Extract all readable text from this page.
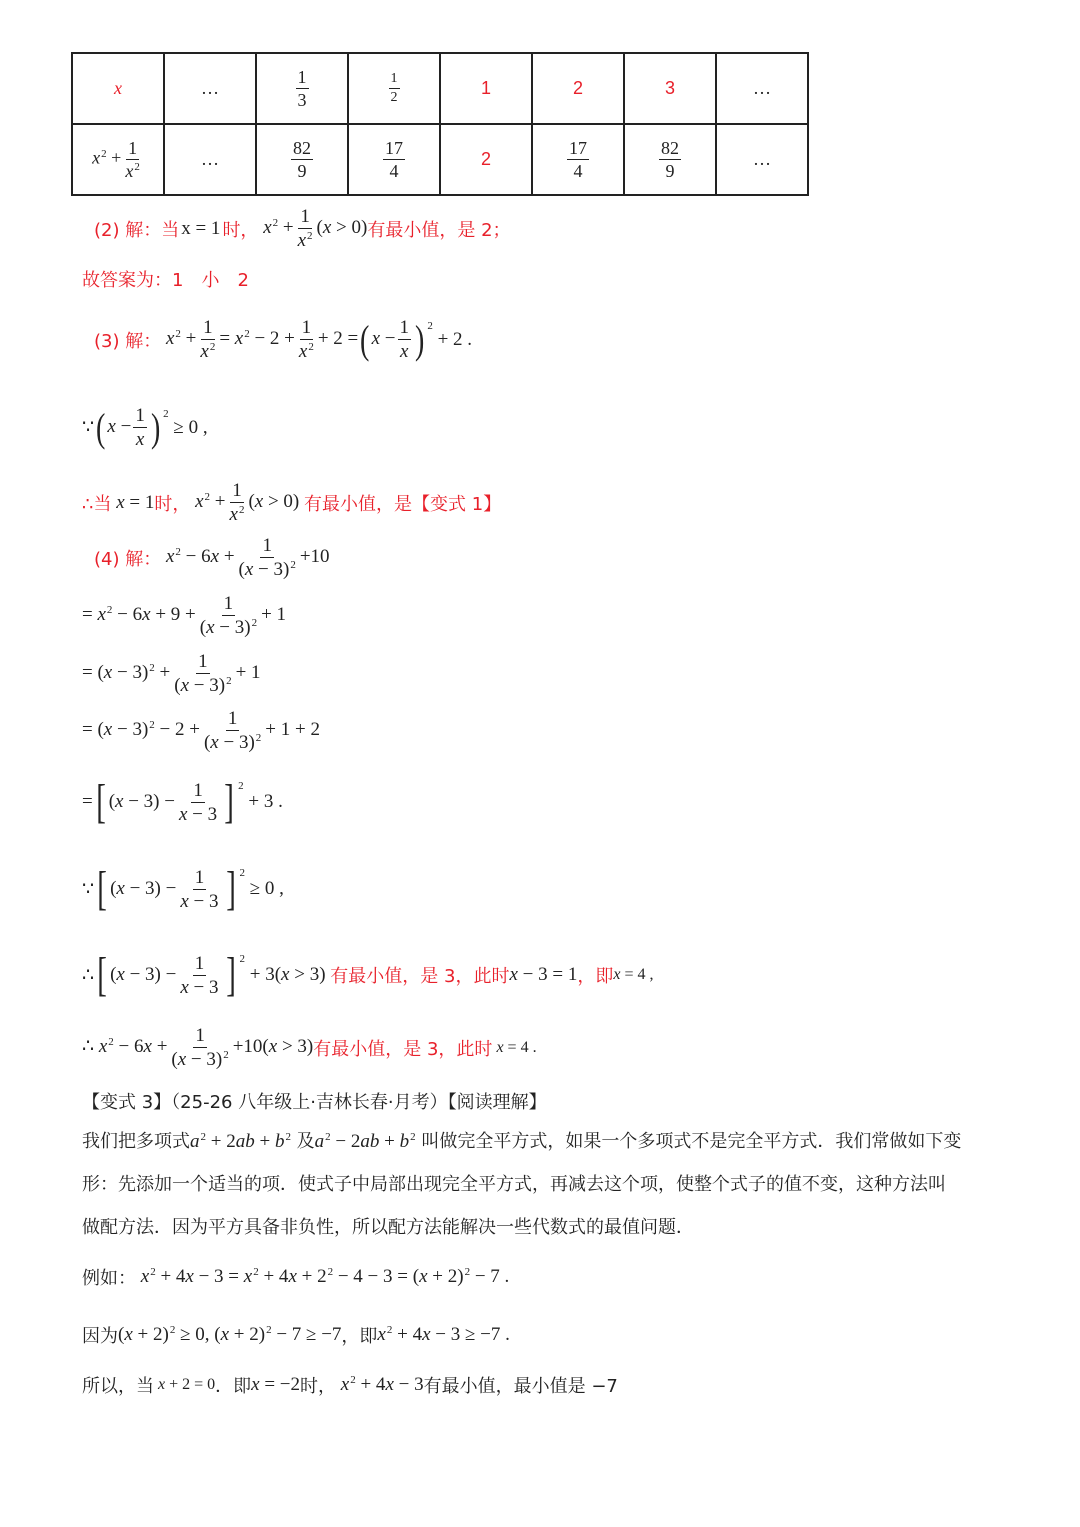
x	…	$\frac{1}{3}$	$\frac{1}{2}$	1	2	3	…
$x^2 + \frac{1}{x^2}$	…	$\frac{82}{9}$	$\frac{17}{4}$	2	$\frac{17}{4}$	$\frac{82}{9}$	…
(2) 解：当 x = 1 时， $x^2 + \frac{1}{x^2} (x > 0)$ 有最小值，是 2；
故答案为：1　小　2
(3) 解： $x^2 + \frac{1}{x^2} = x^2 - 2 + \frac{1}{x^2} + 2$ = ( $x - \frac{1}{x}$ ) $^2$ + 2 .
∵ ( $x - \frac{1}{x}$ ) $^2$ ≥ 0 ,
∴当 x = 1 时， $x^2 + \frac{1}{x^2} (x > 0)$ 有最小值，是【变式 1】
(4) 解： $x^2 - 6x + \frac{1}{(x - 3)^2} +10$
= $x^2 - 6x + 9 + \frac{1}{(x - 3)^2} + 1$
= $(x - 3)^2 + \frac{1}{(x - 3)^2} + 1$
= $(x - 3)^2 - 2 + \frac{1}{(x - 3)^2} + 1 + 2$
= [ $(x - 3) - \frac{1}{x - 3}$ ] $^2$ + 3 .
∵ [ $(x - 3) - \frac{1}{x - 3}$ ] $^2$ ≥ 0 ,
∴ [ $(x - 3) - \frac{1}{x - 3}$ ] $^2$ + 3(x > 3) 有最小值，是 3，此时 x − 3 = 1 ，即 x = 4 ,
∴ $x^2 - 6x + \frac{1}{(x - 3)^2} +10(x > 3)$ 有最小值，是 3，此时 x = 4 .
【变式 3】（25-26 八年级上·吉林长春·月考）【阅读理解】
我们把多项式$a^2 + 2ab + b^2$ 及$a^2 - 2ab + b^2$ 叫做完全平方式，如果一个多项式不是完全平方式．我们常做如下变
形：先添加一个适当的项．使式子中局部出现完全平方式，再减去这个项，使整个式子的值不变，这种方法叫
做配方法．因为平方具备非负性，所以配方法能解决一些代数式的最值问题．
例如： $x^2 + 4x - 3 = x^2 + 4x + 2^2 - 4 - 3 = (x + 2)^2 - 7$ .
因为 $(x + 2)^2 \ge 0$, $(x + 2)^2 - 7 \ge -7$ ，即 $x^2 + 4x - 3 \ge -7$ .
所以，当 x + 2 = 0 ．即 x = −2 时， $x^2 + 4x - 3$ 有最小值，最小值是 −7
